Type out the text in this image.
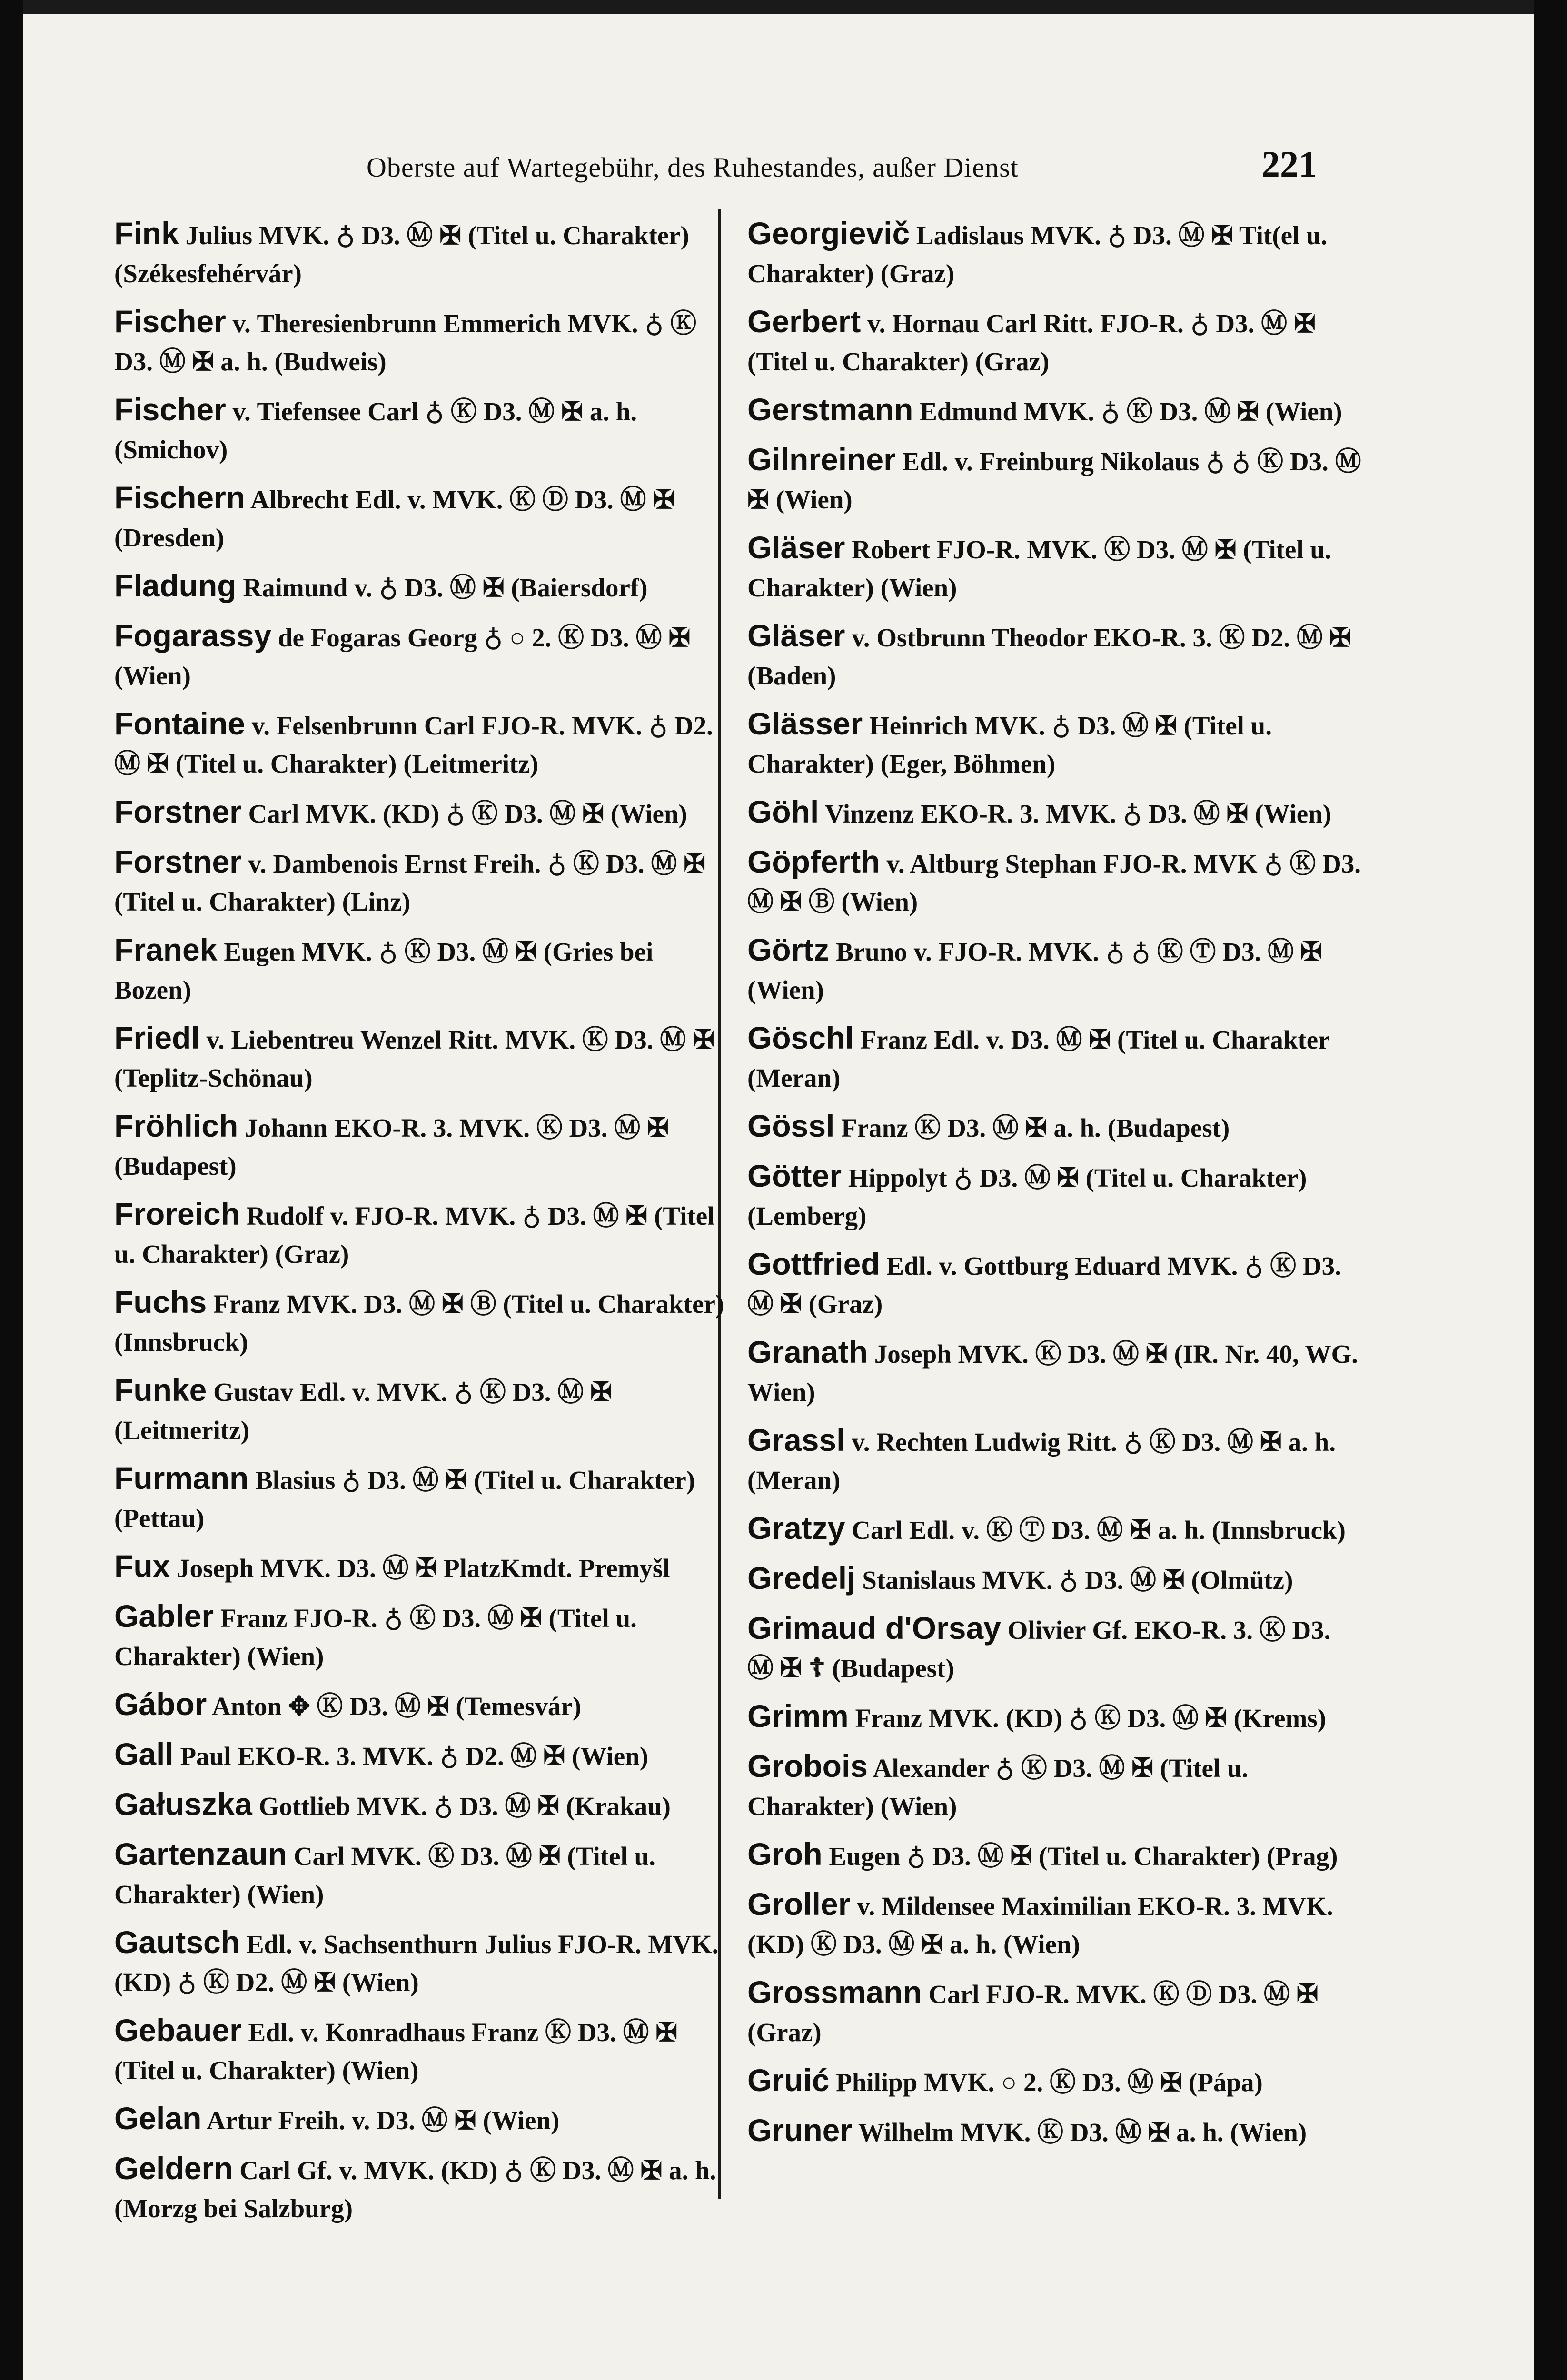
Oberste auf Wartegebühr, des Ruhestandes, außer Dienst	221
Fink Julius MVK. ♁ D3. Ⓜ ✠ (Titel u. Charakter) (Székesfehérvár)
Fischer v. Theresienbrunn Emmerich MVK. ♁ Ⓚ D3. Ⓜ ✠ a. h. (Budweis)
Fischer v. Tiefensee Carl ♁ Ⓚ D3. Ⓜ ✠ a. h. (Smichov)
Fischern Albrecht Edl. v. MVK. Ⓚ Ⓓ D3. Ⓜ ✠ (Dresden)
Fladung Raimund v. ♁ D3. Ⓜ ✠ (Baiersdorf)
Fogarassy de Fogaras Georg ♁ ○ 2. Ⓚ D3. Ⓜ ✠ (Wien)
Fontaine v. Felsenbrunn Carl FJO-R. MVK. ♁ D2. Ⓜ ✠ (Titel u. Charakter) (Leitmeritz)
Forstner Carl MVK. (KD) ♁ Ⓚ D3. Ⓜ ✠ (Wien)
Forstner v. Dambenois Ernst Freih. ♁ Ⓚ D3. Ⓜ ✠ (Titel u. Charakter) (Linz)
Franek Eugen MVK. ♁ Ⓚ D3. Ⓜ ✠ (Gries bei Bozen)
Friedl v. Liebentreu Wenzel Ritt. MVK. Ⓚ D3. Ⓜ ✠ (Teplitz-Schönau)
Fröhlich Johann EKO-R. 3. MVK. Ⓚ D3. Ⓜ ✠ (Budapest)
Froreich Rudolf v. FJO-R. MVK. ♁ D3. Ⓜ ✠ (Titel u. Charakter) (Graz)
Fuchs Franz MVK. D3. Ⓜ ✠ Ⓑ (Titel u. Charakter) (Innsbruck)
Funke Gustav Edl. v. MVK. ♁ Ⓚ D3. Ⓜ ✠ (Leitmeritz)
Furmann Blasius ♁ D3. Ⓜ ✠ (Titel u. Charakter) (Pettau)
Fux Joseph MVK. D3. Ⓜ ✠ PlatzKmdt. Premyšl
Gabler Franz FJO-R. ♁ Ⓚ D3. Ⓜ ✠ (Titel u. Charakter) (Wien)
Gábor Anton ✥ Ⓚ D3. Ⓜ ✠ (Temesvár)
Gall Paul EKO-R. 3. MVK. ♁ D2. Ⓜ ✠ (Wien)
Gałuszka Gottlieb MVK. ♁ D3. Ⓜ ✠ (Krakau)
Gartenzaun Carl MVK. Ⓚ D3. Ⓜ ✠ (Titel u. Charakter) (Wien)
Gautsch Edl. v. Sachsenthurn Julius FJO-R. MVK. (KD) ♁ Ⓚ D2. Ⓜ ✠ (Wien)
Gebauer Edl. v. Konradhaus Franz Ⓚ D3. Ⓜ ✠ (Titel u. Charakter) (Wien)
Gelan Artur Freih. v. D3. Ⓜ ✠ (Wien)
Geldern Carl Gf. v. MVK. (KD) ♁ Ⓚ D3. Ⓜ ✠ a. h. (Morzg bei Salzburg)
Georgievič Ladislaus MVK. ♁ D3. Ⓜ ✠ Tit(el u. Charakter) (Graz)
Gerbert v. Hornau Carl Ritt. FJO-R. ♁ D3. Ⓜ ✠ (Titel u. Charakter) (Graz)
Gerstmann Edmund MVK. ♁ Ⓚ D3. Ⓜ ✠ (Wien)
Gilnreiner Edl. v. Freinburg Nikolaus ♁ ♁ Ⓚ D3. Ⓜ ✠ (Wien)
Gläser Robert FJO-R. MVK. Ⓚ D3. Ⓜ ✠ (Titel u. Charakter) (Wien)
Gläser v. Ostbrunn Theodor EKO-R. 3. Ⓚ D2. Ⓜ ✠ (Baden)
Glässer Heinrich MVK. ♁ D3. Ⓜ ✠ (Titel u. Charakter) (Eger, Böhmen)
Göhl Vinzenz EKO-R. 3. MVK. ♁ D3. Ⓜ ✠ (Wien)
Göpferth v. Altburg Stephan FJO-R. MVK ♁ Ⓚ D3. Ⓜ ✠ Ⓑ (Wien)
Görtz Bruno v. FJO-R. MVK. ♁ ♁ Ⓚ Ⓣ D3. Ⓜ ✠ (Wien)
Göschl Franz Edl. v. D3. Ⓜ ✠ (Titel u. Charakter (Meran)
Gössl Franz Ⓚ D3. Ⓜ ✠ a. h. (Budapest)
Götter Hippolyt ♁ D3. Ⓜ ✠ (Titel u. Charakter) (Lemberg)
Gottfried Edl. v. Gottburg Eduard MVK. ♁ Ⓚ D3. Ⓜ ✠ (Graz)
Granath Joseph MVK. Ⓚ D3. Ⓜ ✠ (IR. Nr. 40, WG. Wien)
Grassl v. Rechten Ludwig Ritt. ♁ Ⓚ D3. Ⓜ ✠ a. h. (Meran)
Gratzy Carl Edl. v. Ⓚ Ⓣ D3. Ⓜ ✠ a. h. (Innsbruck)
Gredelj Stanislaus MVK. ♁ D3. Ⓜ ✠ (Olmütz)
Grimaud d'Orsay Olivier Gf. EKO-R. 3. Ⓚ D3. Ⓜ ✠ ☦ (Budapest)
Grimm Franz MVK. (KD) ♁ Ⓚ D3. Ⓜ ✠ (Krems)
Grobois Alexander ♁ Ⓚ D3. Ⓜ ✠ (Titel u. Charakter) (Wien)
Groh Eugen ♁ D3. Ⓜ ✠ (Titel u. Charakter) (Prag)
Groller v. Mildensee Maximilian EKO-R. 3. MVK. (KD) Ⓚ D3. Ⓜ ✠ a. h. (Wien)
Grossmann Carl FJO-R. MVK. Ⓚ Ⓓ D3. Ⓜ ✠ (Graz)
Gruić Philipp MVK. ○ 2. Ⓚ D3. Ⓜ ✠ (Pápa)
Gruner Wilhelm MVK. Ⓚ D3. Ⓜ ✠ a. h. (Wien)
